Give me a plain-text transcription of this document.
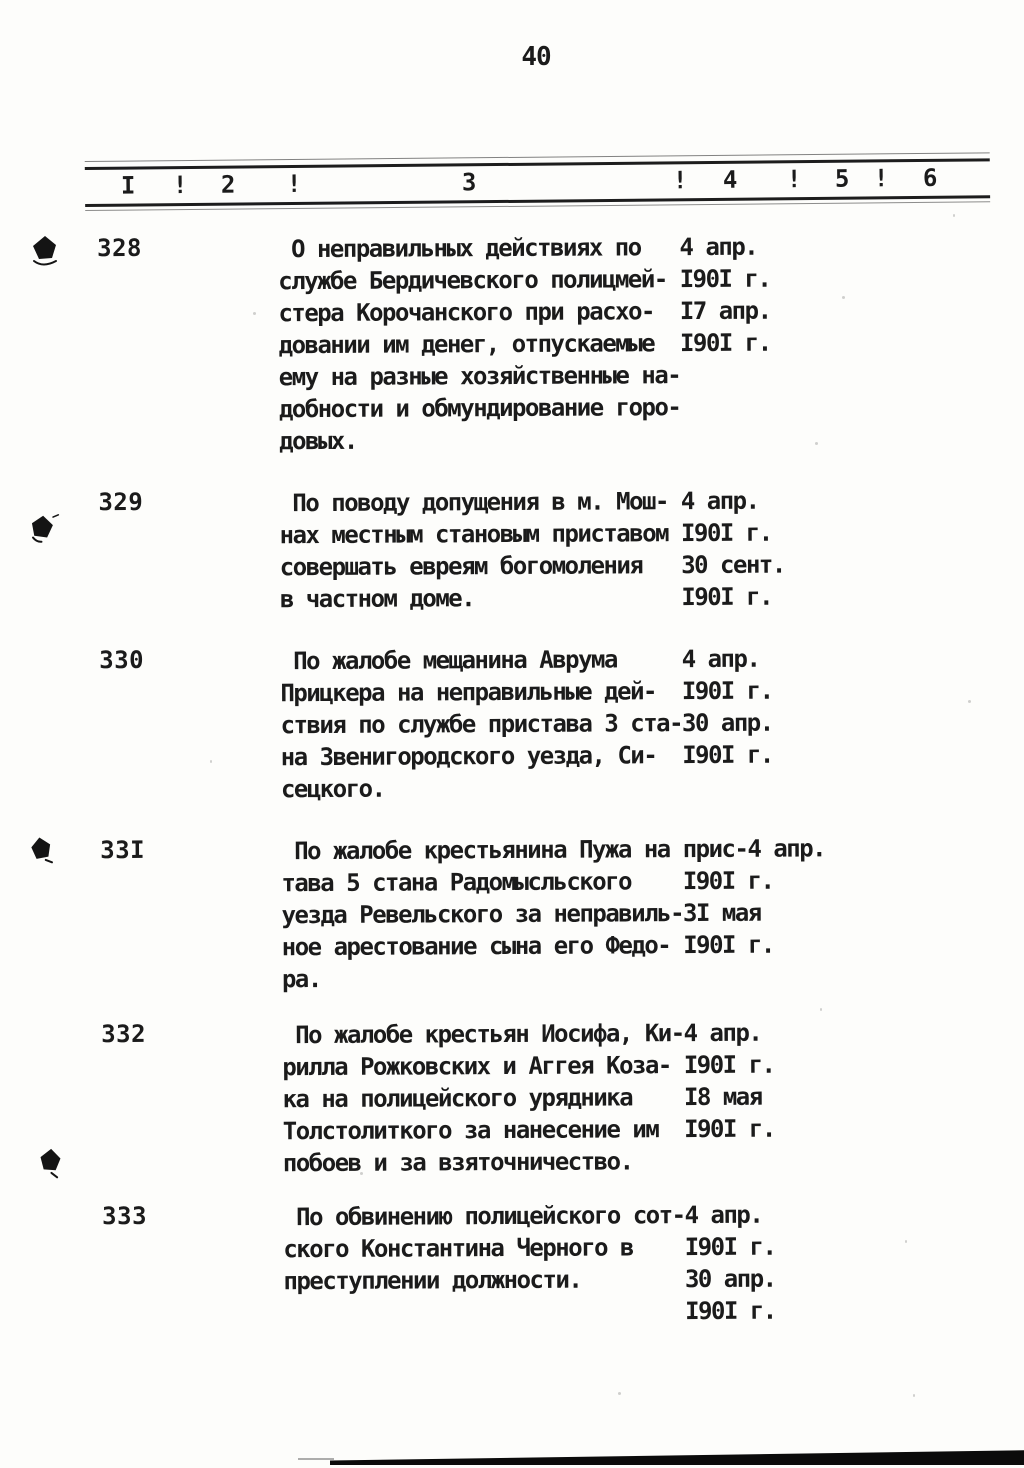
40
I ! 2 !	3	! 4 ! 5 ! 6
328	О неправильных действиях по   4 апр.
службе Бердичевского полицмей- I90I г.
стера Корочанского при расхо-  I7 апр.
довании им денег, отпускаемые  I90I г.
ему на разные хозяйственные на-
добности и обмундирование горо-
довых.
329	По поводу допущения в м. Мош- 4 апр.
нах местным становым приставом I90I г.
совершать евреям богомоления   30 сент.
в частном доме.                I90I г.
330	По жалобе мещанина Аврума     4 апр.
Прицкера на неправильные дей-  I90I г.
ствия по службе пристава 3 ста-30 апр.
на Звенигородского уезда, Си-  I90I г.
сецкого.
33I	По жалобе крестьянина Пужа на прис-4 апр.
тава 5 стана Радомысльского    I90I г.
уезда Ревельского за неправиль-3I мая
ное арестование сына его Федо- I90I г.
ра.
332	По жалобе крестьян Иосифа, Ки-4 апр.
рилла Рожковских и Аггея Коза- I90I г.
ка на полицейского урядника    I8 мая
Толстолиткого за нанесение им  I90I г.
побоев и за взяточничество.
333	По обвинению полицейского сот-4 апр.
ского Константина Черного в    I90I г.
преступлении должности.        30 апр.
I90I г.
